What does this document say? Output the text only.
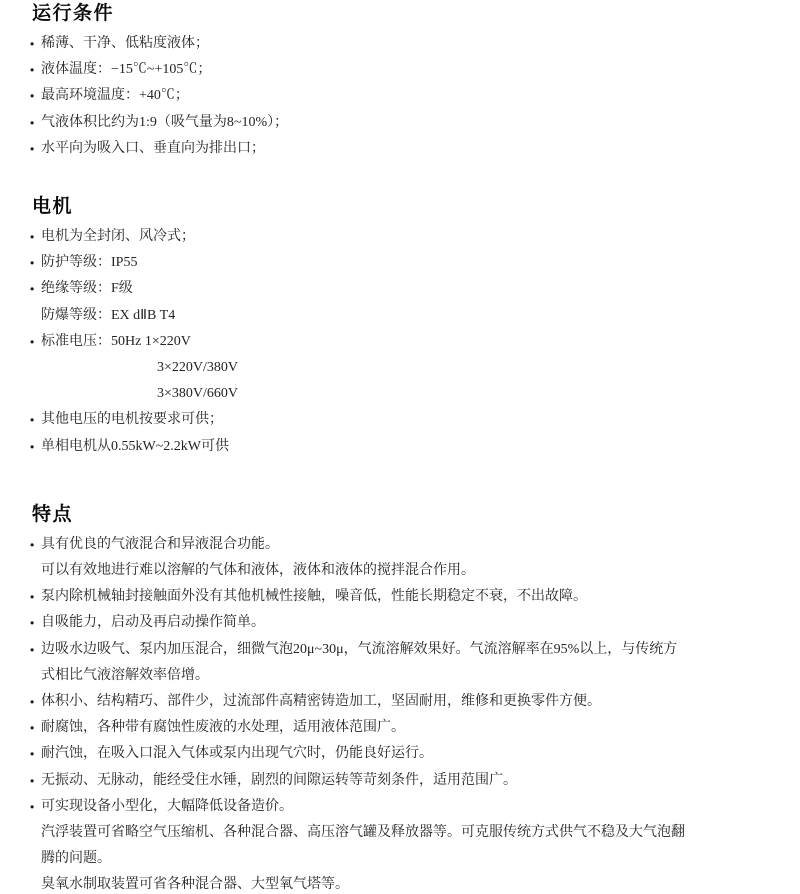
运行条件
• 稀薄、干净、低粘度液体；
• 液体温度：−15℃~+105℃；
• 最高环境温度：+40℃；
• 气液体积比约为1:9（吸气量为8~10%）；
• 水平向为吸入口、垂直向为排出口；
电机
• 电机为全封闭、风冷式；
• 防护等级：IP55
• 绝缘等级：F级
防爆等级：EX dⅡB T4
• 标准电压：50Hz 1×220V
3×220V/380V
3×380V/660V
• 其他电压的电机按要求可供；
• 单相电机从0.55kW~2.2kW可供
特点
• 具有优良的气液混合和异液混合功能。
可以有效地进行难以溶解的气体和液体，液体和液体的搅拌混合作用。
• 泵内除机械轴封接触面外没有其他机械性接触，噪音低，性能长期稳定不衰，不出故障。
• 自吸能力，启动及再启动操作简单。
• 边吸水边吸气、泵内加压混合，细微气泡20μ~30μ，气流溶解效果好。气流溶解率在95%以上，与传统方式相比气液溶解效率倍增。
• 体积小、结构精巧、部件少，过流部件高精密铸造加工，坚固耐用，维修和更换零件方便。
• 耐腐蚀，各种带有腐蚀性废液的水处理，适用液体范围广。
• 耐汽蚀，在吸入口混入气体或泵内出现气穴时，仍能良好运行。
• 无振动、无脉动，能经受住水锤，剧烈的间隙运转等苛刻条件，适用范围广。
• 可实现设备小型化，大幅降低设备造价。
汽浮装置可省略空气压缩机、各种混合器、高压溶气罐及释放器等。可克服传统方式供气不稳及大气泡翻腾的问题。
臭氧水制取装置可省各种混合器、大型氧气塔等。
